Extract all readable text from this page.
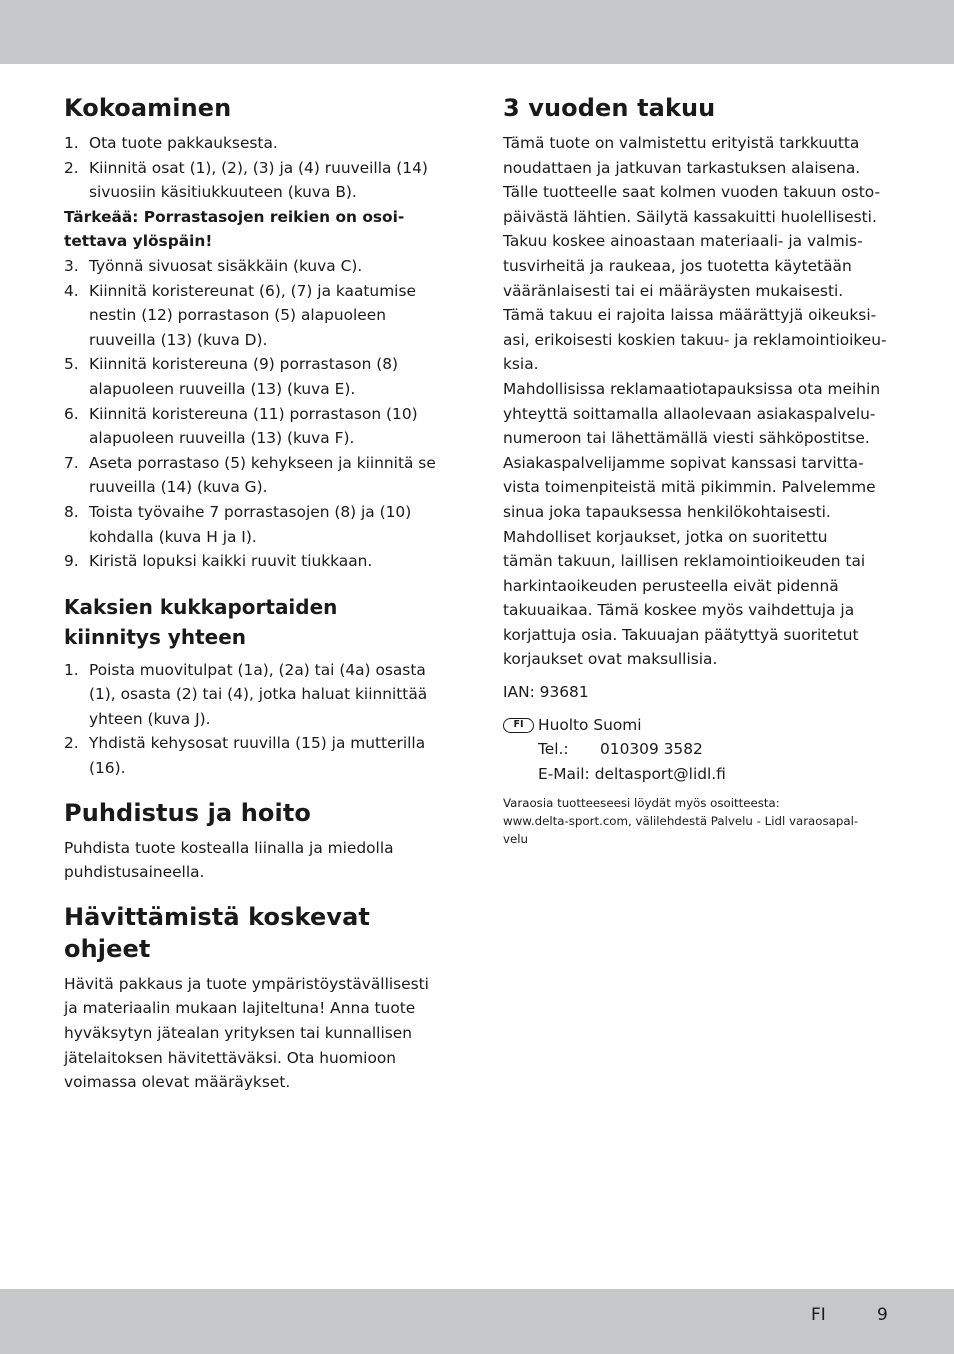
Kokoaminen
1. Ota tuote pakkauksesta.
2. Kiinnitä osat (1), (2), (3) ja (4) ruuveilla (14)
sivuosiin käsitiukkuuteen (kuva B).

Tärkeää: Porrastasojen reikien on osoi-
tettava ylöspäin!

3. Työnnä sivuosat sisäkkäin (kuva C).
4. Kiinnitä koristereunat (6), (7) ja kaatumise
nestin (12) porrastason (5) alapuoleen
ruuveilla (13) (kuva D).
5. Kiinnitä koristereuna (9) porrastason (8)
alapuoleen ruuveilla (13) (kuva E).
6. Kiinnitä koristereuna (11) porrastason (10)
alapuoleen ruuveilla (13) (kuva F).
7. Aseta porrastaso (5) kehykseen ja kiinnitä se
ruuveilla (14) (kuva G).
8. Toista työvaihe 7 porrastasojen (8) ja (10)
kohdalla (kuva H ja I).
9. Kiristä lopuksi kaikki ruuvit tiukkaan.
Kaksien kukkaportaiden
kiinnitys yhteen
1. Poista muovitulpat (1a), (2a) tai (4a) osasta
(1), osasta (2) tai (4), jotka haluat kiinnittää
yhteen (kuva J).
2. Yhdistä kehysosat ruuvilla (15) ja mutterilla
(16).
Puhdistus ja hoito

Puhdista tuote kostealla liinalla ja miedolla
puhdistusaineella.

Hävittämistä koskevat ohjeet

Hävitä pakkaus ja tuote ympäristöystävällisesti
ja materiaalin mukaan lajiteltuna! Anna tuote
hyväksytyn jätealan yrityksen tai kunnallisen
jätelaitoksen hävitettäväksi. Ota huomioon
voimassa olevat määräykset.

3 vuoden takuu

Tämä tuote on valmistettu erityistä tarkkuutta
noudattaen ja jatkuvan tarkastuksen alaisena.
Tälle tuotteelle saat kolmen vuoden takuun osto-
päivästä lähtien. Säilytä kassakuitti huolellisesti.
Takuu koskee ainoastaan materiaali- ja valmis-
tusvirheitä ja raukeaa, jos tuotetta käytetään
vääränlaisesti tai ei määräysten mukaisesti.
Tämä takuu ei rajoita laissa määrättyjä oikeuksi-
asi, erikoisesti koskien takuu- ja reklamointioikeu-
ksia.
Mahdollisissa reklamaatiotapauksissa ota meihin
yhteyttä soittamalla allaolevaan asiakaspalvelu-
numeroon tai lähettämällä viesti sähköpostitse.
Asiakaspalvelijamme sopivat kanssasi tarvitta-
vista toimenpiteistä mitä pikimmin. Palvelemme
sinua joka tapauksessa henkilökohtaisesti.
Mahdolliset korjaukset, jotka on suoritettu
tämän takuun, laillisen reklamointioikeuden tai
harkintaoikeuden perusteella eivät pidennä
takuuaikaa. Tämä koskee myös vaihdettuja ja
korjattuja osia. Takuuajan päätyttyä suoritetut
korjaukset ovat maksullisia.

IAN: 93681

FI Huolto Suomi
Tel.:	010309 3582
E-Mail: deltasport@lidl.fi

Varaosia tuotteeseesi löydät myös osoitteesta:
www.delta-sport.com, välilehdestä Palvelu - Lidl varaosapal-
velu

FI	9
